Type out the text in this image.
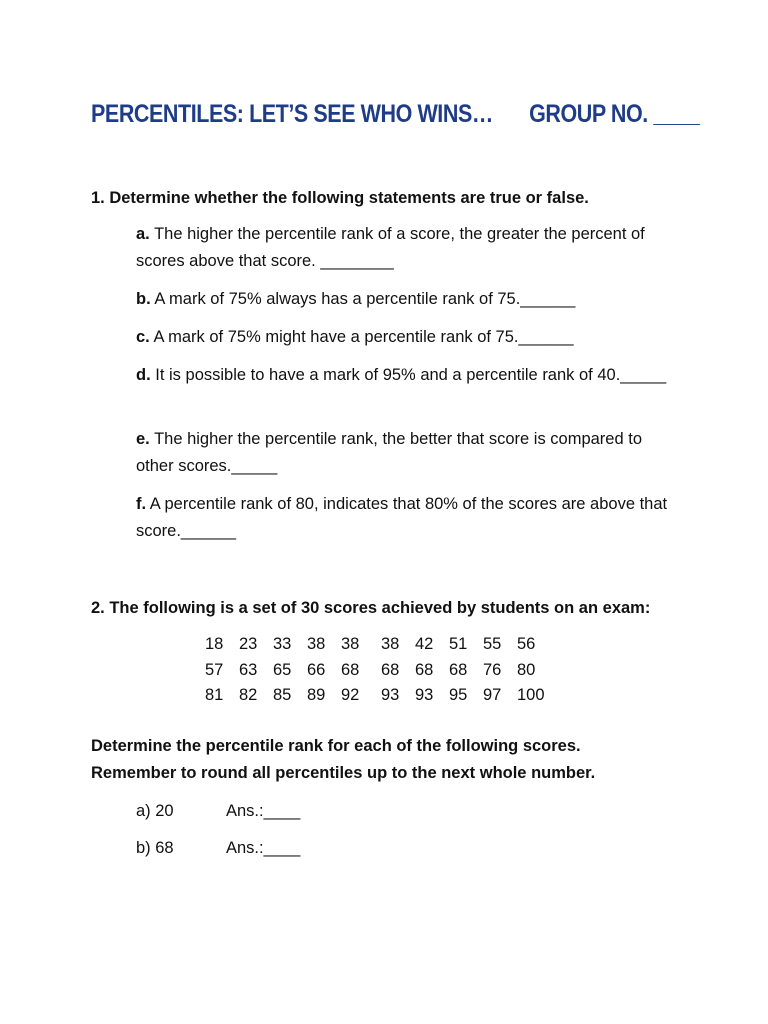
PERCENTILES: LET’S SEE WHO WINS… GROUP NO. ____

1. Determine whether the following statements are true or false.

a. The higher the percentile rank of a score, the greater the percent of scores above that score. ________

b. A mark of 75% always has a percentile rank of 75.______

c. A mark of 75% might have a percentile rank of 75.______

d. It is possible to have a mark of 95% and a percentile rank of 40._____

e. The higher the percentile rank, the better that score is compared to other scores._____

f. A percentile rank of 80, indicates that 80% of the scores are above that score.______

2. The following is a set of 30 scores achieved by students on an exam:

18 23 33 38 38	38 42 51 55 56
57 63 65 66 68	68 68 68 76 80
81 82 85 89 92	93 93 95 97 100

Determine the percentile rank for each of the following scores.

Remember to round all percentiles up to the next whole number.

a) 20	Ans.:____
b) 68	Ans.:____
